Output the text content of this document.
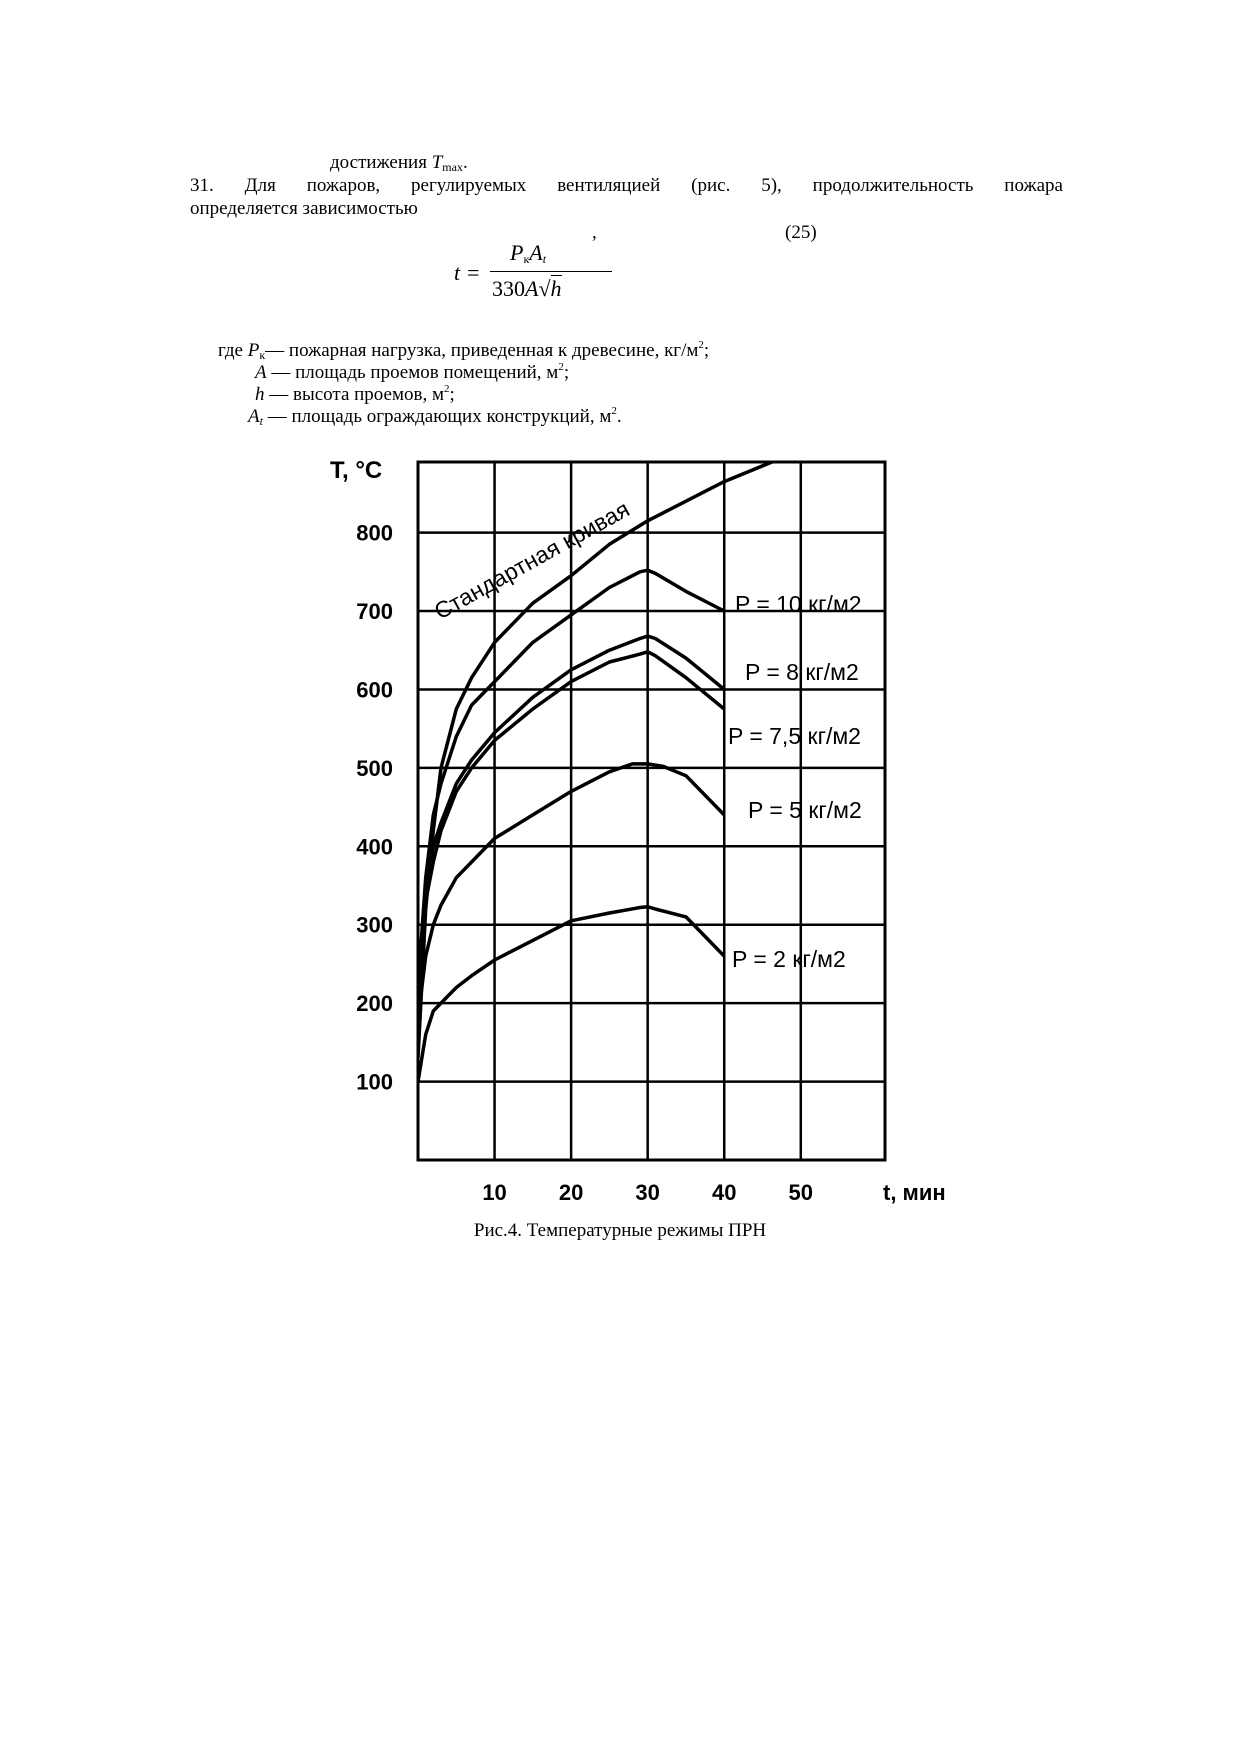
достижения $T_{max}$.
31. Для пожаров, регулируемых вентиляцией (рис. 5), продолжительность пожара
определяется зависимостью
,	(25)
t =
$P_кA_t$
330A√h
где $P_к—$ пожарная нагрузка, приведенная к древесине, $кг/м^2$;
A — площадь проемов помещений, $м^2$;
h — высота проемов, $м^2$;
$A_t$ — площадь ограждающих конструкций, $м^2$.
10 20 30 40 50
100
200
300
400
500
600
700
800
T, °C
t, мин
P = 10 кг/м2
P = 8 кг/м2
P = 7,5 кг/м2
P = 5 кг/м2
P = 2 кг/м2
Стандартная кривая
Рис.4. Температурные режимы ПРН
